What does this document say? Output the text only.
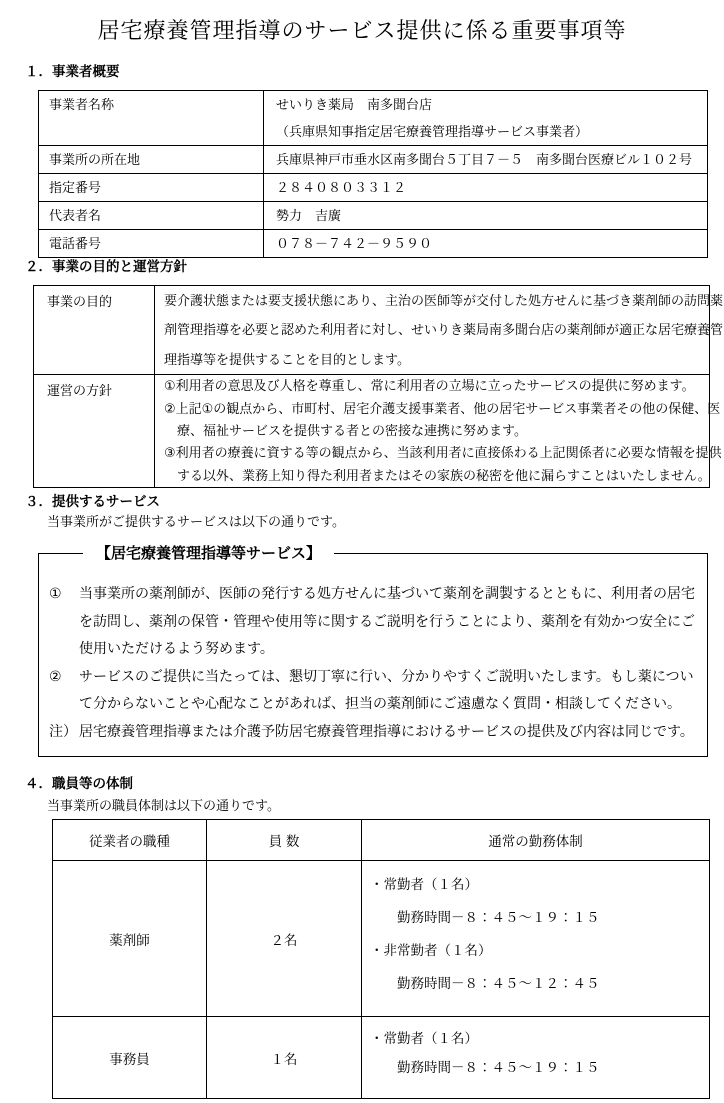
居宅療養管理指導のサービス提供に係る重要事項等
１．事業者概要
事業者名称	せいりき薬局　南多聞台店
（兵庫県知事指定居宅療養管理指導サービス事業者）

事業所の所在地	兵庫県神戸市垂水区南多聞台５丁目７－５　南多聞台医療ビル１０２号

指定番号	２８４０８０３３１２

代表者名	勢力　吉廣

電話番号	０７８－７４２－９５９０
２．事業の目的と運営方針
事業の目的	要介護状態または要支援状態にあり、主治の医師等が交付した処方せんに基づき薬剤師の訪問薬
剤管理指導を必要と認めた利用者に対し、せいりき薬局南多聞台店の薬剤師が適正な居宅療養管
理指導等を提供することを目的とします。

運営の方針	①利用者の意思及び人格を尊重し、常に利用者の立場に立ったサービスの提供に努めます。
②上記①の観点から、市町村、居宅介護支援事業者、他の居宅サービス事業者その他の保健、医
　療、福祉サービスを提供する者との密接な連携に努めます。
③利用者の療養に資する等の観点から、当該利用者に直接係わる上記関係者に必要な情報を提供
　する以外、業務上知り得た利用者またはその家族の秘密を他に漏らすことはいたしません。
３．提供するサービス
当事業所がご提供するサービスは以下の通りです。
【居宅療養管理指導等サービス】
①	当事業所の薬剤師が、医師の発行する処方せんに基づいて薬剤を調製するとともに、利用者の居宅
を訪問し、薬剤の保管・管理や使用等に関するご説明を行うことにより、薬剤を有効かつ安全にご
使用いただけるよう努めます。
②	サービスのご提供に当たっては、懇切丁寧に行い、分かりやすくご説明いたします。もし薬につい
て分からないことや心配なことがあれば、担当の薬剤師にご遠慮なく質問・相談してください。
注） 居宅療養管理指導または介護予防居宅療養管理指導におけるサービスの提供及び内容は同じです。
４．職員等の体制
当事業所の職員体制は以下の通りです。
従業者の職種	員 数	通常の勤務体制
薬剤師	２名	・常勤者（１名）
　　勤務時間－８：４５～１９：１５
・非常勤者（１名）
　　勤務時間－８：４５～１２：４５

事務員	１名	・常勤者（１名）
　　勤務時間－８：４５～１９：１５
